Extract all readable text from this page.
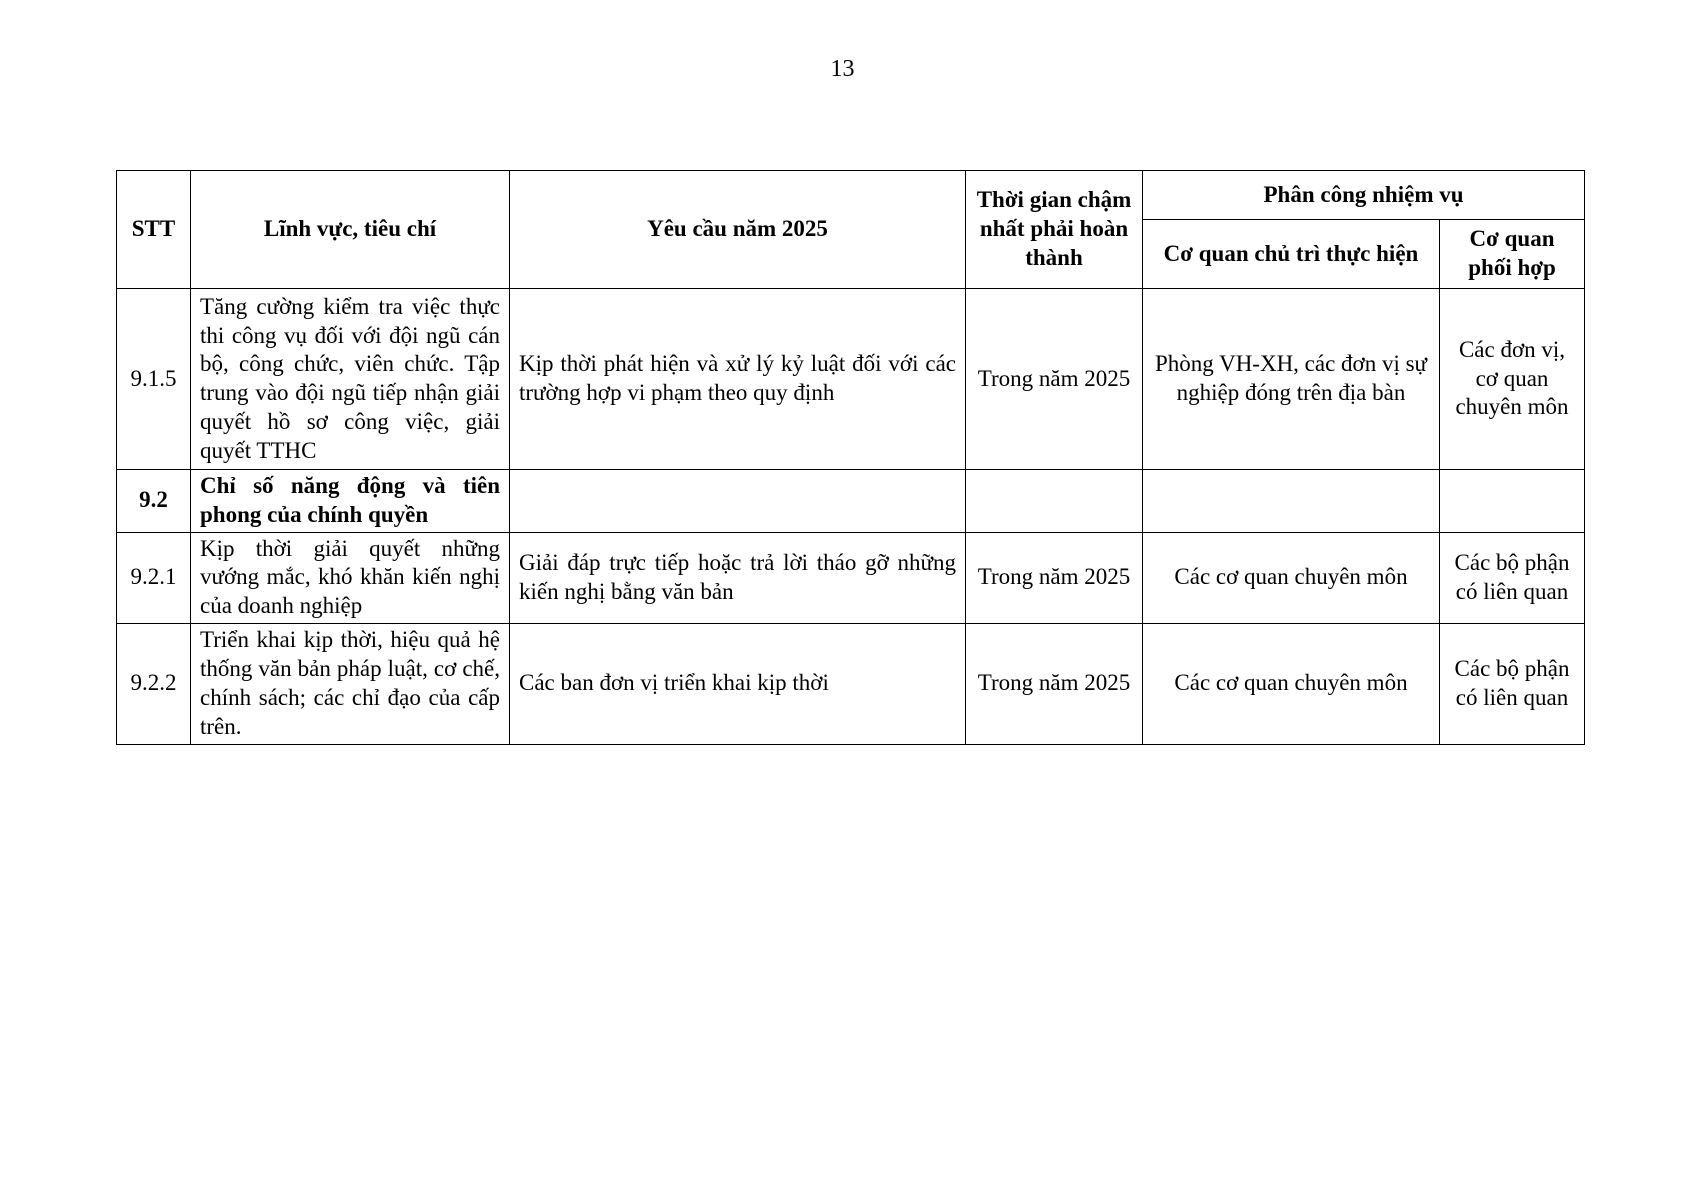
13
STT	Lĩnh vực, tiêu chí	Yêu cầu năm 2025	Thời gian chậm nhất phải hoàn thành	Phân công nhiệm vụ	
				Cơ quan chủ trì thực hiện	Cơ quan phối hợp
9.1.5	Tăng cường kiểm tra việc thực thi công vụ đối với đội ngũ cán bộ, công chức, viên chức. Tập trung vào đội ngũ tiếp nhận giải quyết hồ sơ công việc, giải quyết TTHC	Kịp thời phát hiện và xử lý kỷ luật đối với các trường hợp vi phạm theo quy định	Trong năm 2025	Phòng VH-XH, các đơn vị sự nghiệp đóng trên địa bàn	Các đơn vị, cơ quan chuyên môn
9.2	Chỉ số năng động và tiên phong của chính quyền				
9.2.1	Kịp thời giải quyết những vướng mắc, khó khăn kiến nghị của doanh nghiệp	Giải đáp trực tiếp hoặc trả lời tháo gỡ những kiến nghị bằng văn bản	Trong năm 2025	Các cơ quan chuyên môn	Các bộ phận có liên quan
9.2.2	Triển khai kịp thời, hiệu quả hệ thống văn bản pháp luật, cơ chế, chính sách; các chỉ đạo của cấp trên.	Các ban đơn vị triển khai kịp thời	Trong năm 2025	Các cơ quan chuyên môn	Các bộ phận có liên quan
